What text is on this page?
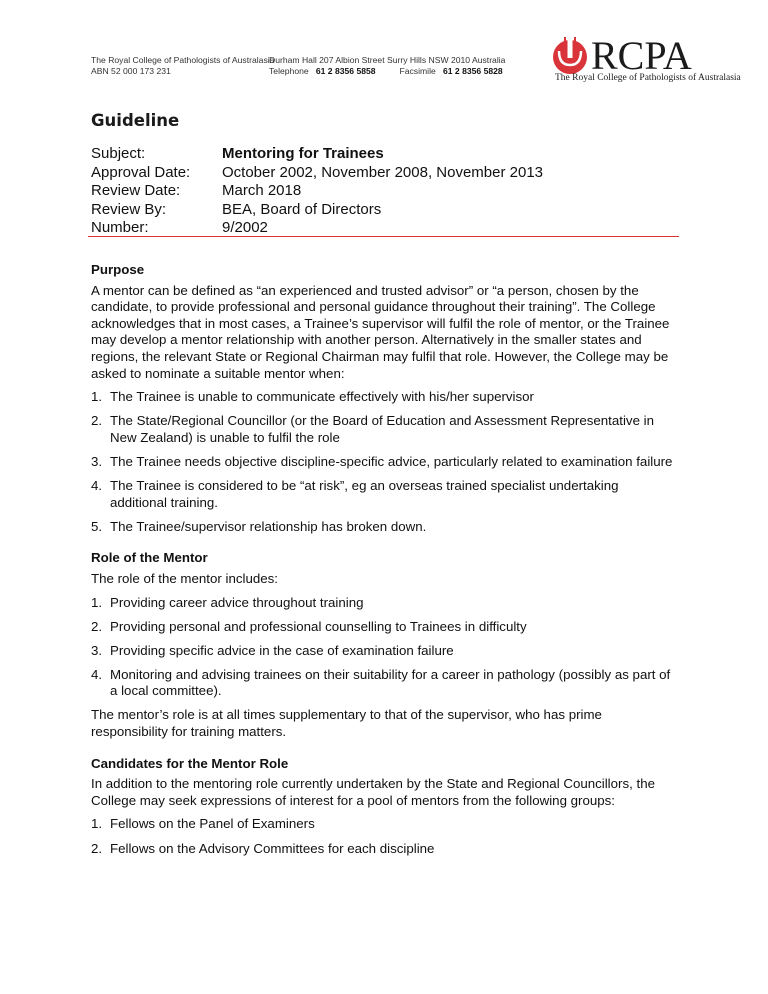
The Royal College of Pathologists of Australasia
ABN 52 000 173 231
Durham Hall 207 Albion Street Surry Hills NSW 2010 Australia
Telephone 61 2 8356 5858	Facsimile 61 2 8356 5828 RCPA
The Royal College of Pathologists of Australasia
Guideline
Subject:	Mentoring for Trainees
Approval Date:	October 2002, November 2008, November 2013
Review Date:	March 2018
Review By:	BEA, Board of Directors
Number:	9/2002
Purpose
A mentor can be defined as “an experienced and trusted advisor” or “a person, chosen by the candidate, to provide professional and personal guidance throughout their training”. The College acknowledges that in most cases, a Trainee’s supervisor will fulfil the role of mentor, or the Trainee may develop a mentor relationship with another person. Alternatively in the smaller states and regions, the relevant State or Regional Chairman may fulfil that role. However, the College may be asked to nominate a suitable mentor when:
1. The Trainee is unable to communicate effectively with his/her supervisor
2. The State/Regional Councillor (or the Board of Education and Assessment Representative in New Zealand) is unable to fulfil the role
3. The Trainee needs objective discipline-specific advice, particularly related to examination failure
4. The Trainee is considered to be “at risk”, eg an overseas trained specialist undertaking additional training.
5. The Trainee/supervisor relationship has broken down.
Role of the Mentor
The role of the mentor includes:
1. Providing career advice throughout training
2. Providing personal and professional counselling to Trainees in difficulty
3. Providing specific advice in the case of examination failure
4. Monitoring and advising trainees on their suitability for a career in pathology (possibly as part of a local committee).
The mentor’s role is at all times supplementary to that of the supervisor, who has prime responsibility for training matters.
Candidates for the Mentor Role
In addition to the mentoring role currently undertaken by the State and Regional Councillors, the College may seek expressions of interest for a pool of mentors from the following groups:
1. Fellows on the Panel of Examiners
2. Fellows on the Advisory Committees for each discipline
